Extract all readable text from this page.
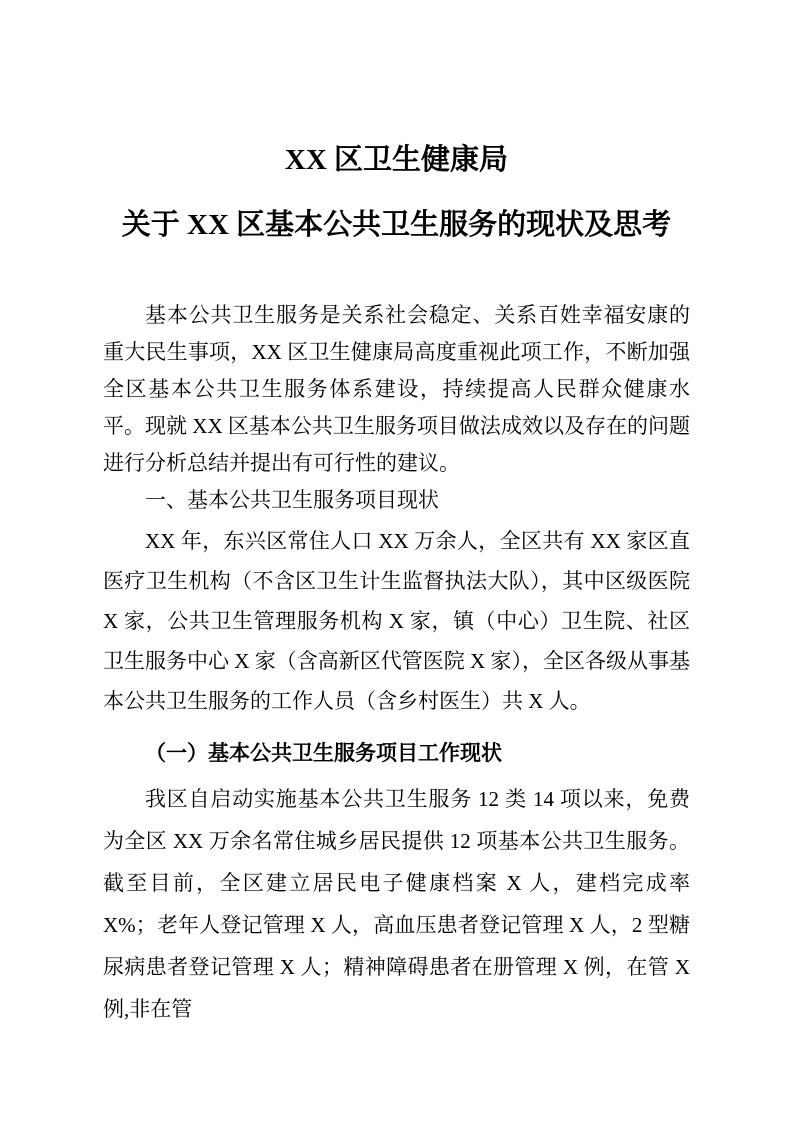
XX 区卫生健康局
关于 XX 区基本公共卫生服务的现状及思考

基本公共卫生服务是关系社会稳定、关系百姓幸福安康的重大民生事项，XX 区卫生健康局高度重视此项工作，不断加强全区基本公共卫生服务体系建设，持续提高人民群众健康水平。现就 XX 区基本公共卫生服务项目做法成效以及存在的问题进行分析总结并提出有可行性的建议。

一、基本公共卫生服务项目现状

XX 年，东兴区常住人口 XX 万余人，全区共有 XX 家区直医疗卫生机构（不含区卫生计生监督执法大队），其中区级医院 X 家，公共卫生管理服务机构 X 家，镇（中心）卫生院、社区卫生服务中心 X 家（含高新区代管医院 X 家），全区各级从事基本公共卫生服务的工作人员（含乡村医生）共 X 人。

（一）基本公共卫生服务项目工作现状

我区自启动实施基本公共卫生服务 12 类 14 项以来，免费为全区 XX 万余名常住城乡居民提供 12 项基本公共卫生服务。截至目前，全区建立居民电子健康档案 X 人，建档完成率 X%；老年人登记管理 X 人，高血压患者登记管理 X 人，2 型糖尿病患者登记管理 X 人；精神障碍患者在册管理 X 例，在管 X 例,非在管
